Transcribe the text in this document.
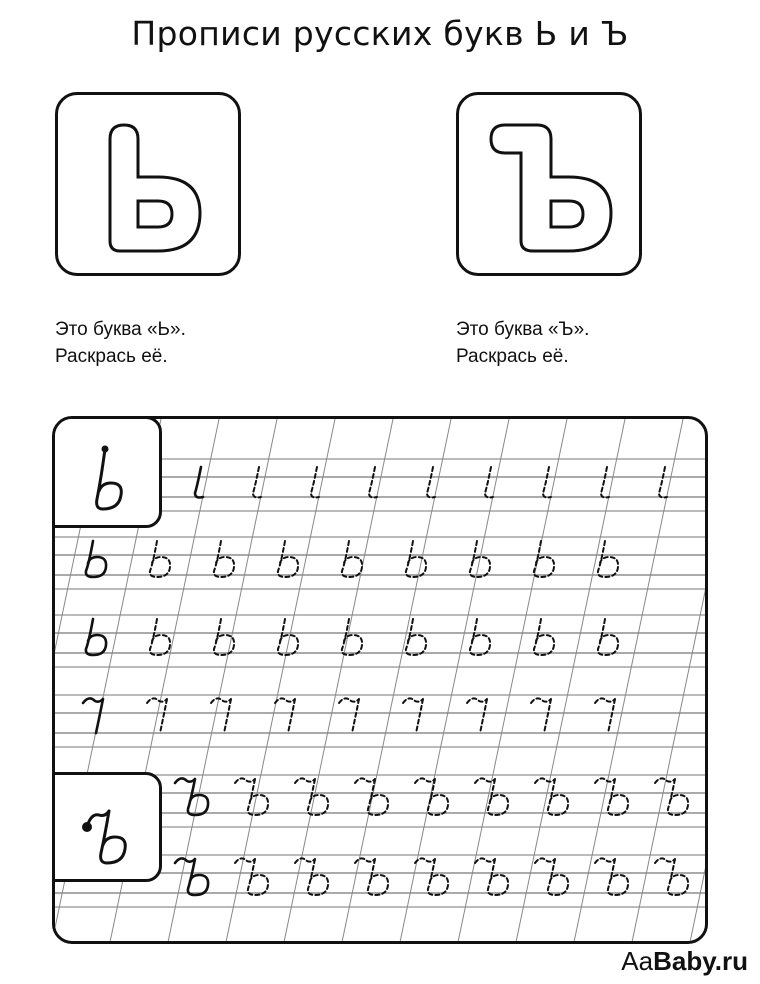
Прописи русских букв Ь и Ъ
Это буква «Ь».
Раскрась её.
Это буква «Ъ».
Раскрась её.
AaBaby.ru
